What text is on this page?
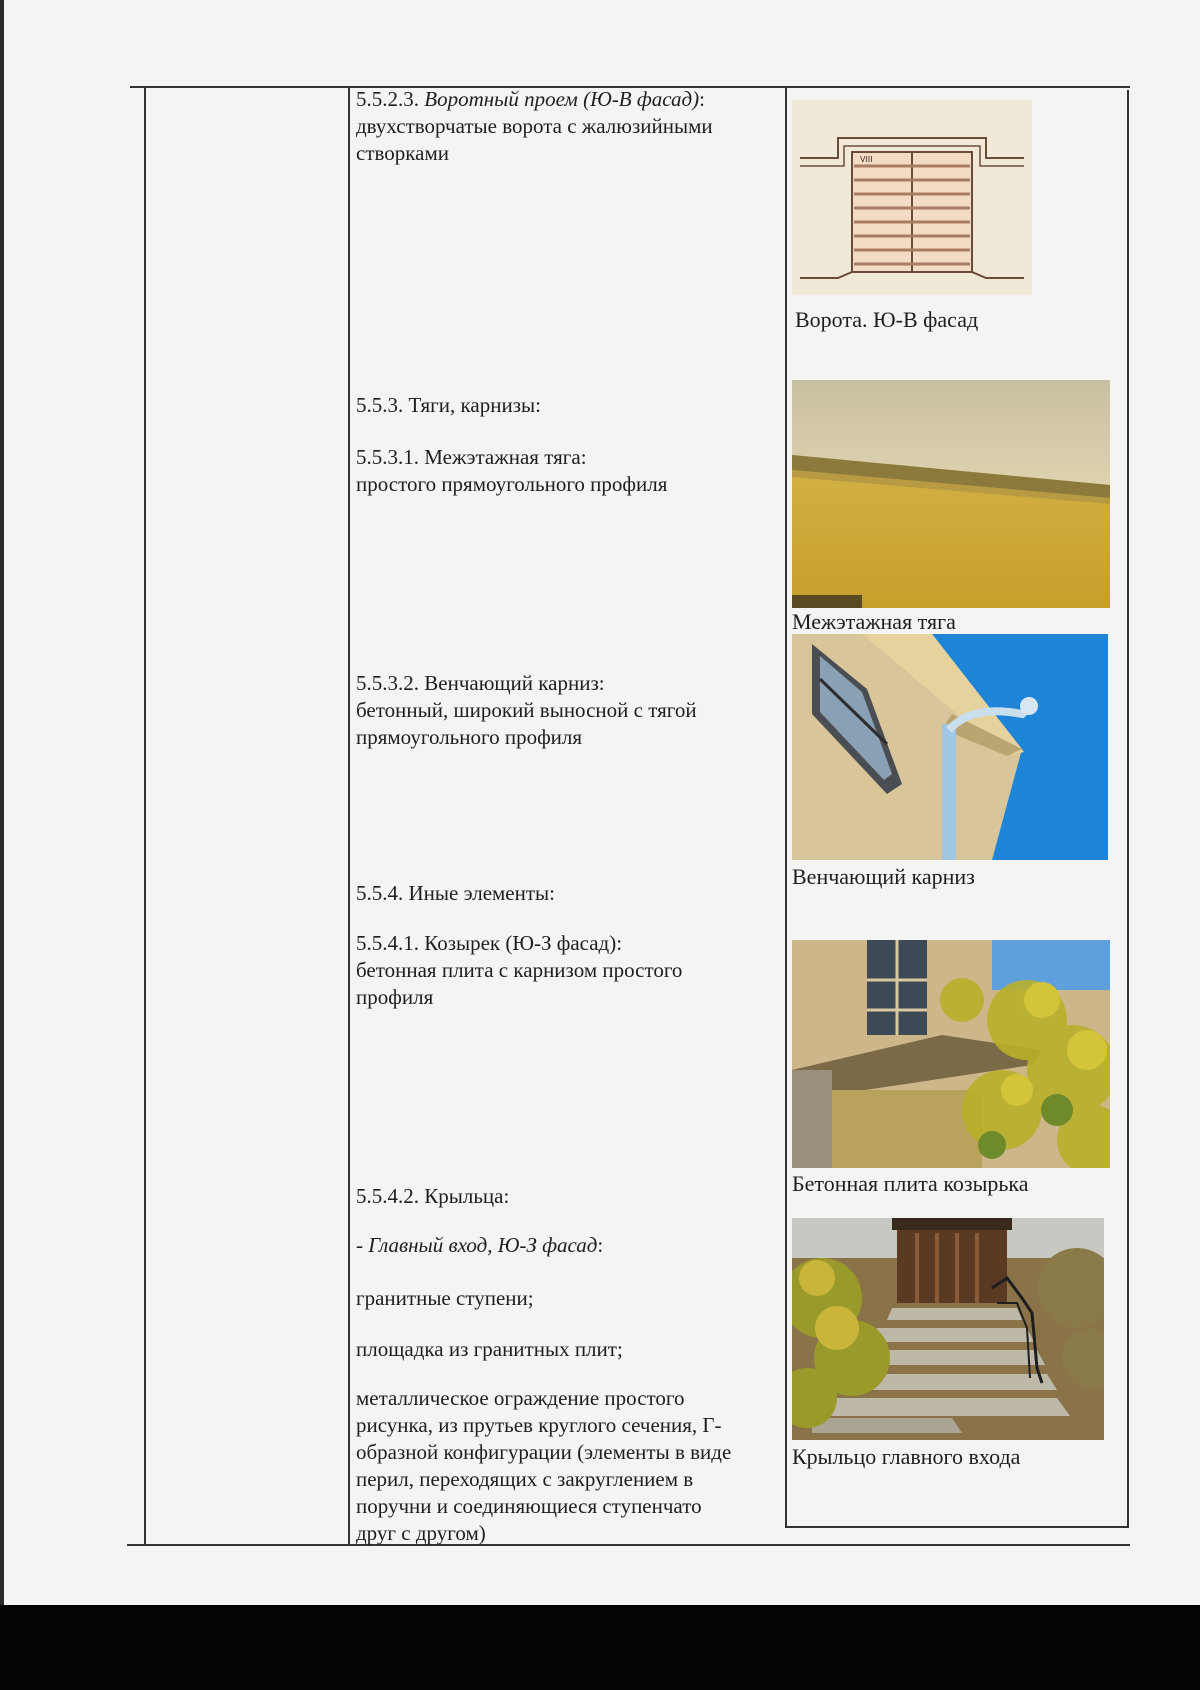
5.5.2.3. Воротный проем (Ю-В фасад):
двухстворчатые ворота с жалюзийными
створками
5.5.3. Тяги, карнизы:
5.5.3.1. Межэтажная тяга:
простого прямоугольного профиля
5.5.3.2. Венчающий карниз:
бетонный, широкий выносной с тягой
прямоугольного профиля
5.5.4. Иные элементы:
5.5.4.1. Козырек (Ю-З фасад):
бетонная плита с карнизом простого
профиля
5.5.4.2. Крыльца:
- Главный вход, Ю-З фасад:
гранитные ступени;
площадка из гранитных плит;
металлическое ограждение простого
рисунка, из прутьев круглого сечения, Г-
образной конфигурации (элементы в виде
перил, переходящих с закруглением в
поручни и соединяющиеся ступенчато
друг с другом)
VIII
Ворота. Ю-В фасад
Межэтажная тяга
Венчающий карниз
Бетонная плита козырька
Крыльцо главного входа
